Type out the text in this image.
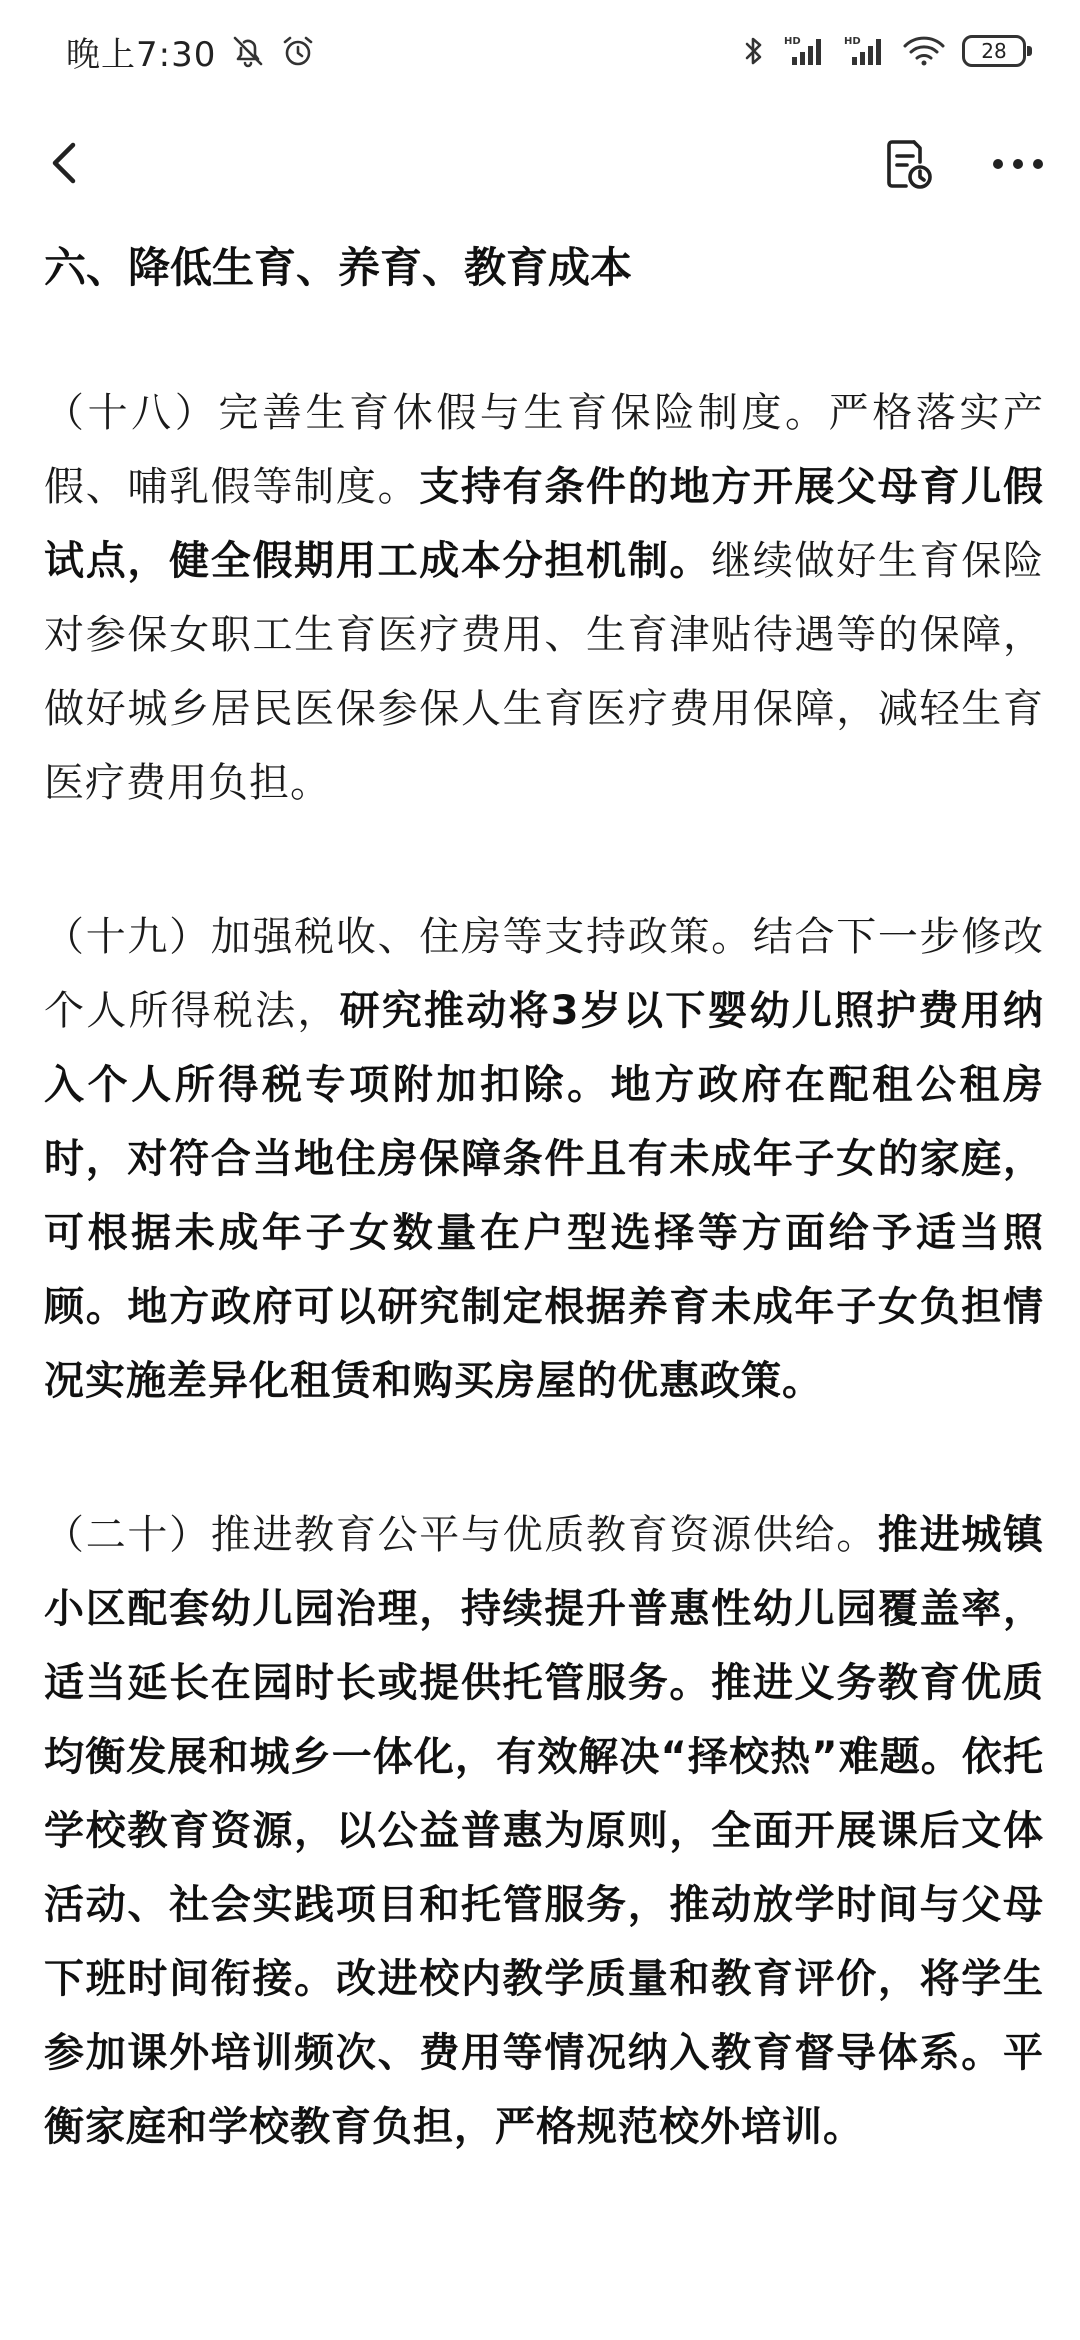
晚上7:30	HD	HD	28
六、降低生育、养育、教育成本

（十八）完善生育休假与生育保险制度。严格落实产假、哺乳假等制度。支持有条件的地方开展父母育儿假试点，健全假期用工成本分担机制。继续做好生育保险对参保女职工生育医疗费用、生育津贴待遇等的保障，做好城乡居民医保参保人生育医疗费用保障，减轻生育医疗费用负担。

（十九）加强税收、住房等支持政策。结合下一步修改个人所得税法，研究推动将3岁以下婴幼儿照护费用纳入个人所得税专项附加扣除。地方政府在配租公租房时，对符合当地住房保障条件且有未成年子女的家庭，可根据未成年子女数量在户型选择等方面给予适当照顾。地方政府可以研究制定根据养育未成年子女负担情况实施差异化租赁和购买房屋的优惠政策。

（二十）推进教育公平与优质教育资源供给。推进城镇小区配套幼儿园治理，持续提升普惠性幼儿园覆盖率，适当延长在园时长或提供托管服务。推进义务教育优质均衡发展和城乡一体化，有效解决“择校热”难题。依托学校教育资源，以公益普惠为原则，全面开展课后文体活动、社会实践项目和托管服务，推动放学时间与父母下班时间衔接。改进校内教学质量和教育评价，将学生参加课外培训频次、费用等情况纳入教育督导体系。平衡家庭和学校教育负担，严格规范校外培训。
